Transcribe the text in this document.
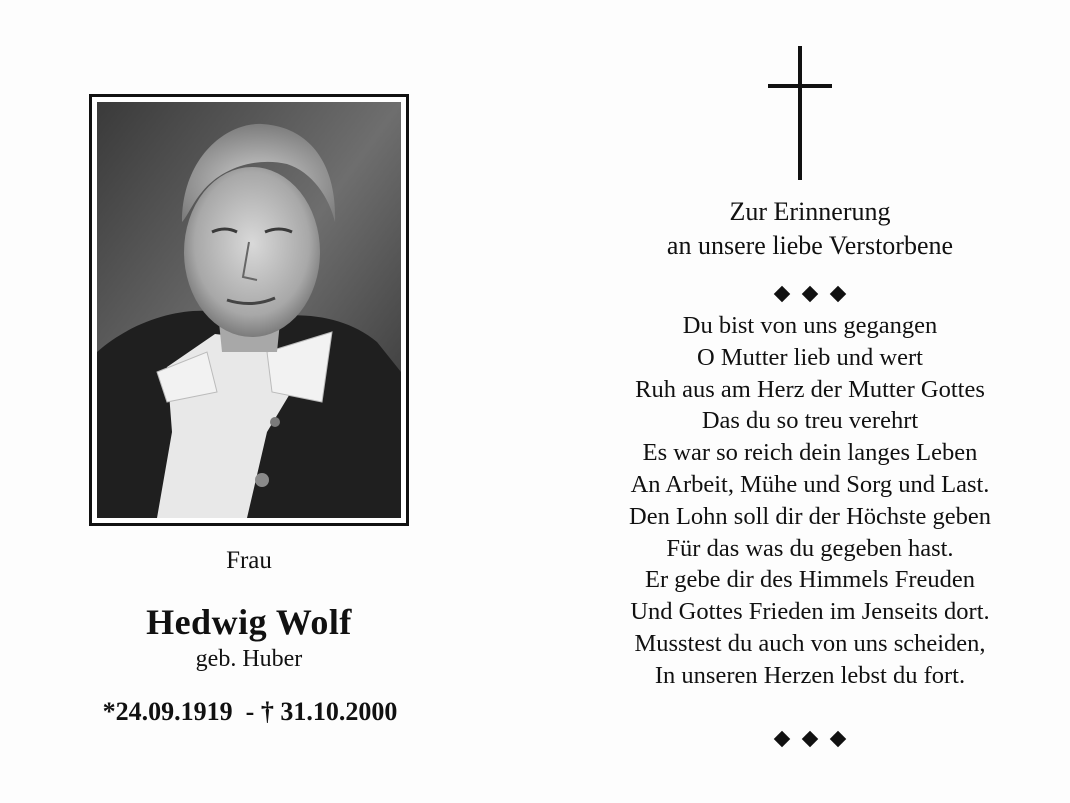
Frau
Hedwig Wolf
geb. Huber
*24.09.1919  - † 31.10.2000
Zur Erinnerung
an unsere liebe Verstorbene
Du bist von uns gegangen
O Mutter lieb und wert
Ruh aus am Herz der Mutter Gottes
Das du so treu verehrt
Es war so reich dein langes Leben
An Arbeit, Mühe und Sorg und Last.
Den Lohn soll dir der Höchste geben
Für das was du gegeben hast.
Er gebe dir des Himmels Freuden
Und Gottes Frieden im Jenseits dort.
Musstest du auch von uns scheiden,
In unseren Herzen lebst du fort.
